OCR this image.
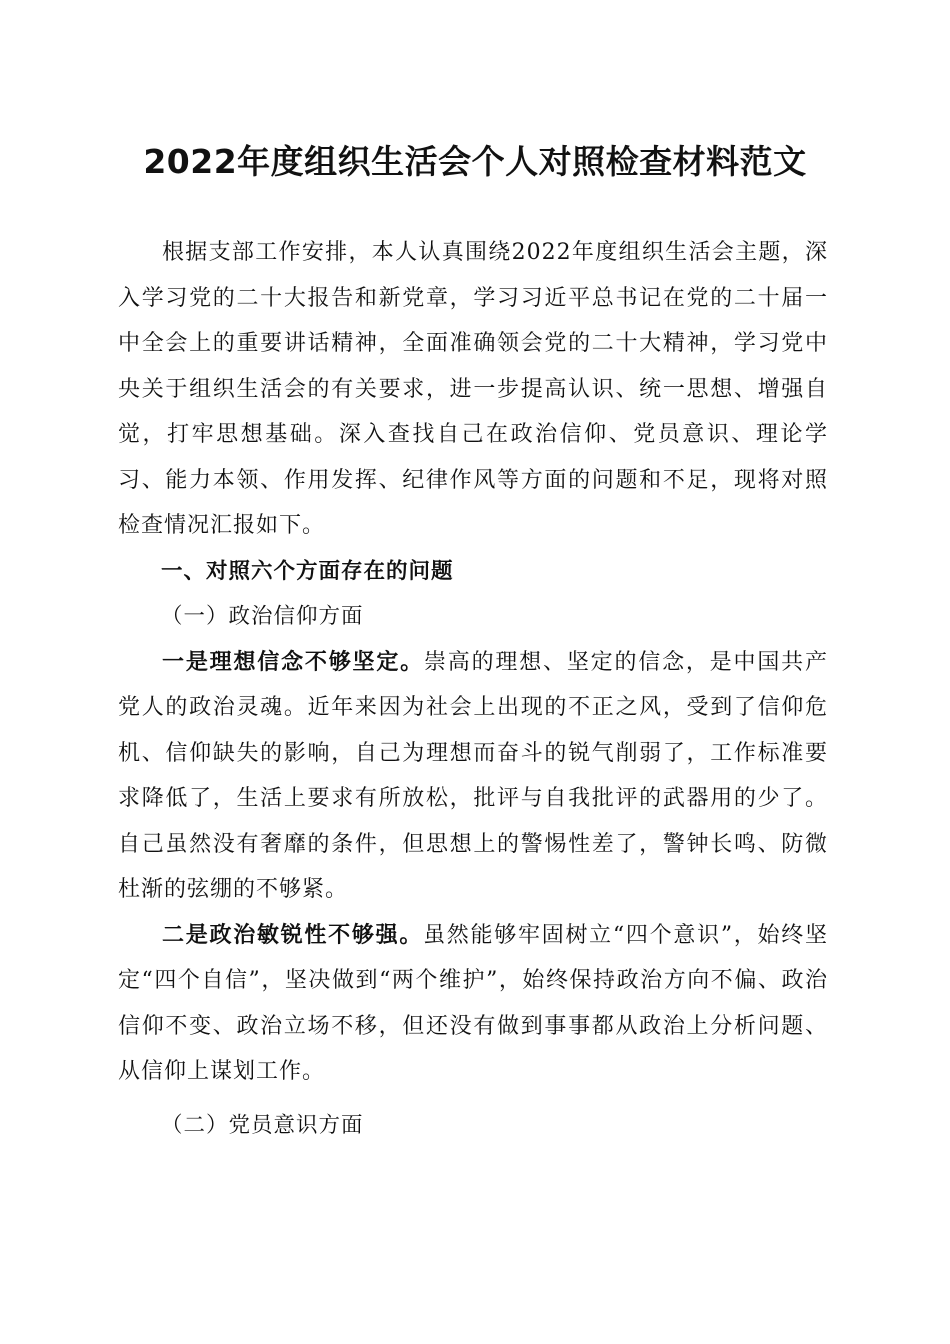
2022年度组织生活会个人对照检查材料范文

根据支部工作安排，本人认真围绕2022年度组织生活会主题，深入学习党的二十大报告和新党章，学习习近平总书记在党的二十届一中全会上的重要讲话精神，全面准确领会党的二十大精神，学习党中央关于组织生活会的有关要求，进一步提高认识、统一思想、增强自觉，打牢思想基础。深入查找自己在政治信仰、党员意识、理论学习、能力本领、作用发挥、纪律作风等方面的问题和不足，现将对照检查情况汇报如下。

一、对照六个方面存在的问题

（一）政治信仰方面

一是理想信念不够坚定。崇高的理想、坚定的信念，是中国共产党人的政治灵魂。近年来因为社会上出现的不正之风，受到了信仰危机、信仰缺失的影响，自己为理想而奋斗的锐气削弱了，工作标准要求降低了，生活上要求有所放松，批评与自我批评的武器用的少了。自己虽然没有奢靡的条件，但思想上的警惕性差了，警钟长鸣、防微杜渐的弦绷的不够紧。

二是政治敏锐性不够强。虽然能够牢固树立“四个意识”，始终坚定“四个自信”，坚决做到“两个维护”，始终保持政治方向不偏、政治信仰不变、政治立场不移，但还没有做到事事都从政治上分析问题、从信仰上谋划工作。

（二）党员意识方面
